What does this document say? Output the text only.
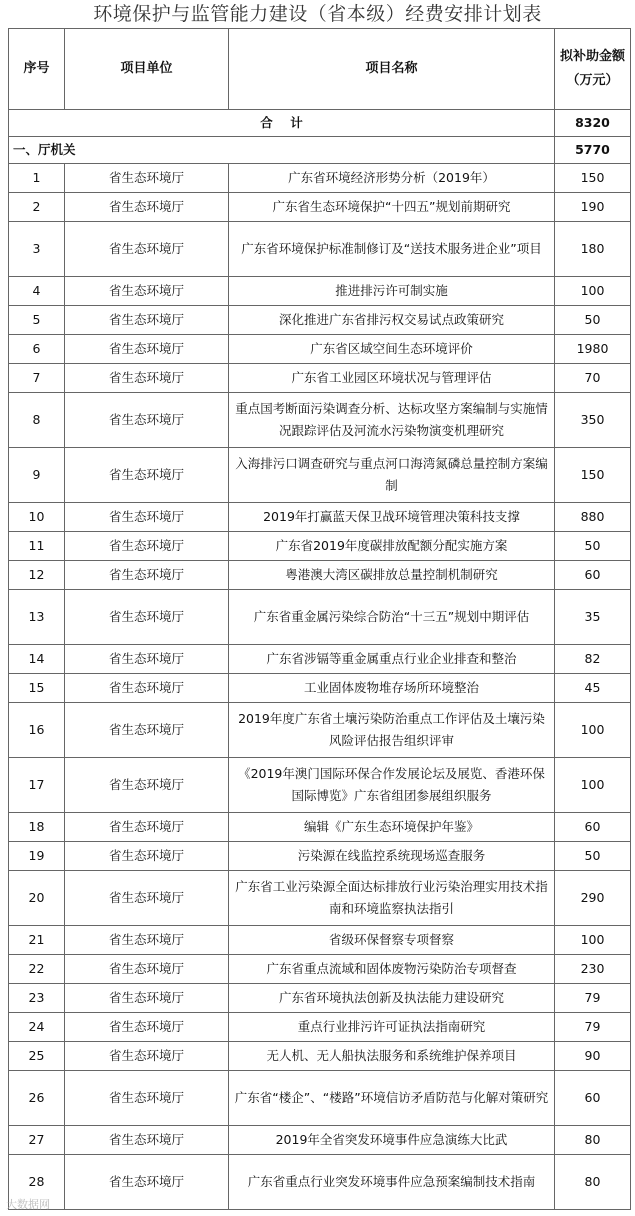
环境保护与监管能力建设（省本级）经费安排计划表
序号	项目单位	项目名称	拟补助金额（万元）
合    计			8320
一、厅机关			5770
1	省生态环境厅	广东省环境经济形势分析（2019年）	150
2	省生态环境厅	广东省生态环境保护“十四五”规划前期研究	190
3	省生态环境厅	广东省环境保护标准制修订及“送技术服务进企业”项目	180
4	省生态环境厅	推进排污许可制实施	100
5	省生态环境厅	深化推进广东省排污权交易试点政策研究	50
6	省生态环境厅	广东省区域空间生态环境评价	1980
7	省生态环境厅	广东省工业园区环境状况与管理评估	70
8	省生态环境厅	重点国考断面污染调查分析、达标攻坚方案编制与实施情况跟踪评估及河流水污染物演变机理研究	350
9	省生态环境厅	入海排污口调查研究与重点河口海湾氮磷总量控制方案编制	150
10	省生态环境厅	2019年打赢蓝天保卫战环境管理决策科技支撑	880
11	省生态环境厅	广东省2019年度碳排放配额分配实施方案	50
12	省生态环境厅	粤港澳大湾区碳排放总量控制机制研究	60
13	省生态环境厅	广东省重金属污染综合防治“十三五”规划中期评估	35
14	省生态环境厅	广东省涉镉等重金属重点行业企业排查和整治	82
15	省生态环境厅	工业固体废物堆存场所环境整治	45
16	省生态环境厅	2019年度广东省土壤污染防治重点工作评估及土壤污染风险评估报告组织评审	100
17	省生态环境厅	《2019年澳门国际环保合作发展论坛及展览、香港环保国际博览》广东省组团参展组织服务	100
18	省生态环境厅	编辑《广东生态环境保护年鉴》	60
19	省生态环境厅	污染源在线监控系统现场巡查服务	50
20	省生态环境厅	广东省工业污染源全面达标排放行业污染治理实用技术指南和环境监察执法指引	290
21	省生态环境厅	省级环保督察专项督察	100
22	省生态环境厅	广东省重点流域和固体废物污染防治专项督查	230
23	省生态环境厅	广东省环境执法创新及执法能力建设研究	79
24	省生态环境厅	重点行业排污许可证执法指南研究	79
25	省生态环境厅	无人机、无人船执法服务和系统维护保养项目	90
26	省生态环境厅	广东省“楼企”、“楼路”环境信访矛盾防范与化解对策研究	60
27	省生态环境厅	2019年全省突发环境事件应急演练大比武	80
28	省生态环境厅	广东省重点行业突发环境事件应急预案编制技术指南	80
大数据网
